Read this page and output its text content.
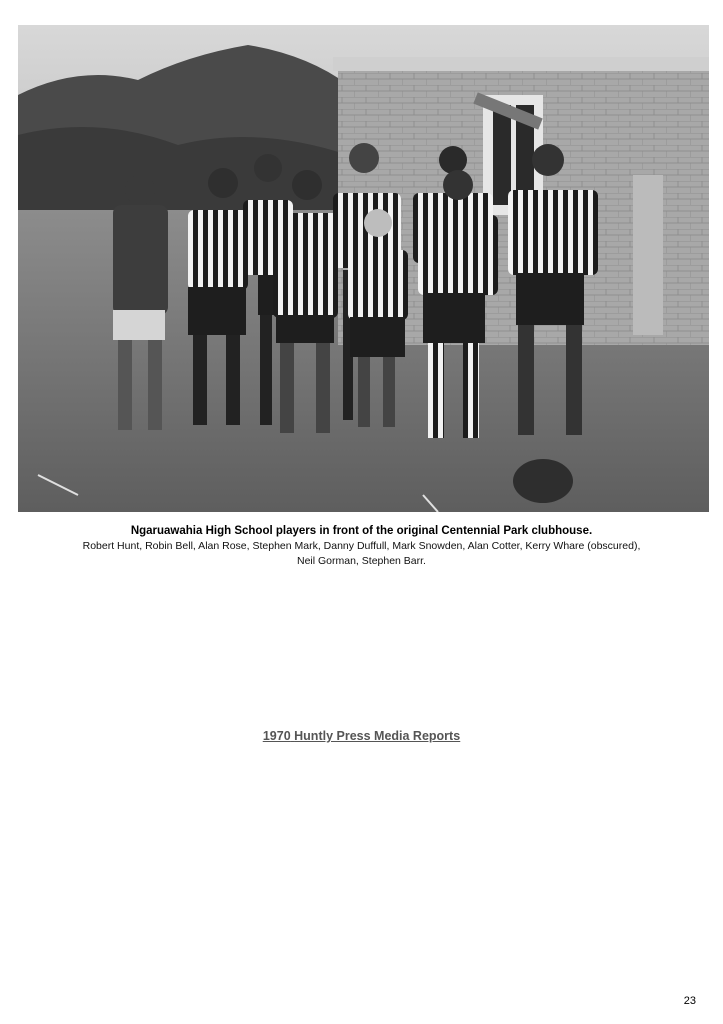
Ngaruawahia High School players in front of the original Centennial Park clubhouse.
Robert Hunt, Robin Bell, Alan Rose, Stephen Mark, Danny Duffull, Mark Snowden, Alan Cotter, Kerry Whare (obscured),
Neil Gorman, Stephen Barr.
1970 Huntly Press Media Reports
23
